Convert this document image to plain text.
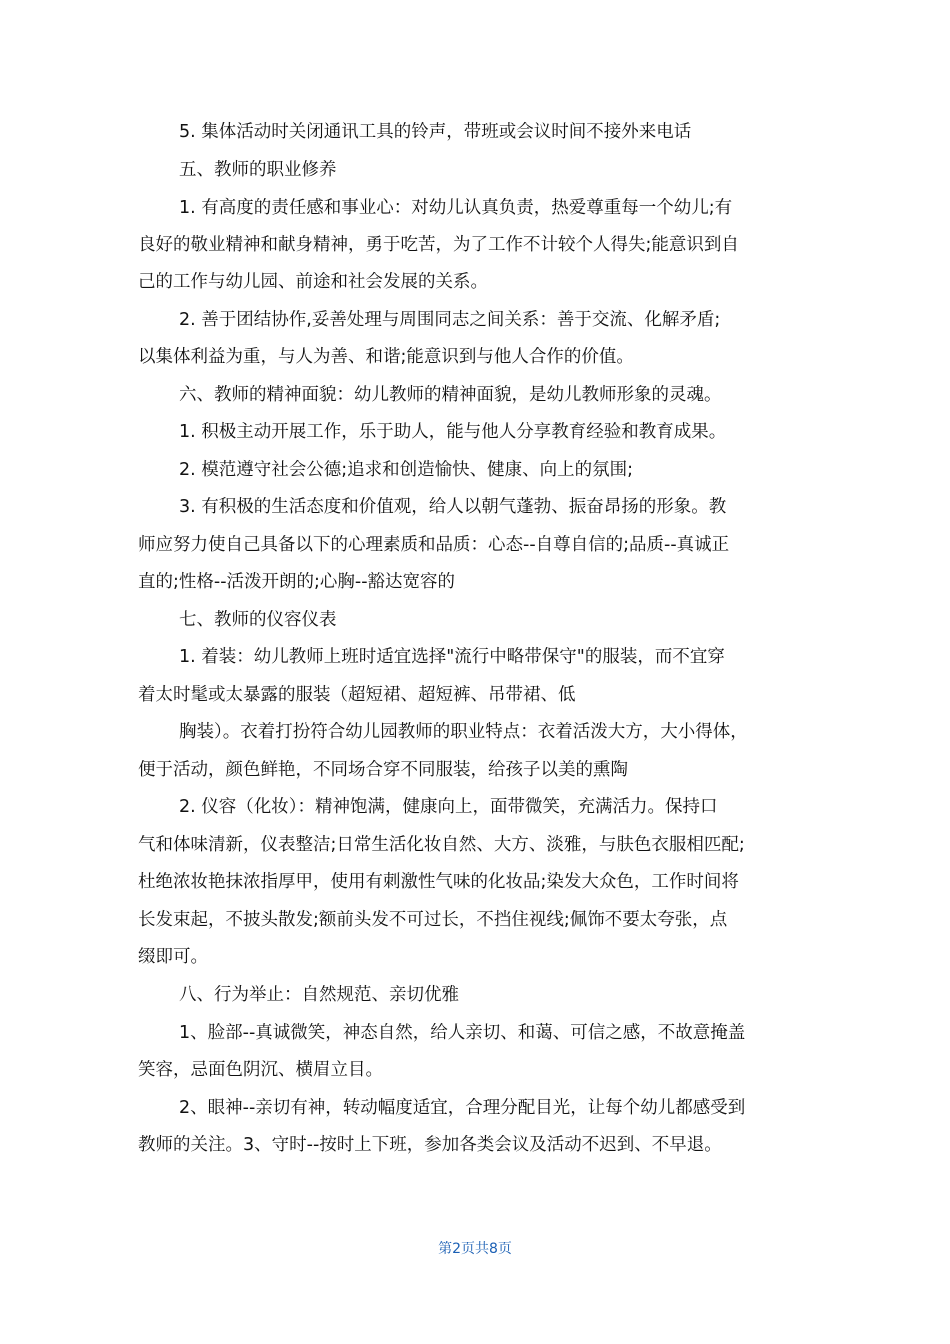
5. 集体活动时关闭通讯工具的铃声，带班或会议时间不接外来电话
五、教师的职业修养
1. 有高度的责任感和事业心：对幼儿认真负责，热爱尊重每一个幼儿;有
良好的敬业精神和献身精神，勇于吃苦，为了工作不计较个人得失;能意识到自
己的工作与幼儿园、前途和社会发展的关系。
2. 善于团结协作,妥善处理与周围同志之间关系：善于交流、化解矛盾;
以集体利益为重，与人为善、和谐;能意识到与他人合作的价值。
六、教师的精神面貌：幼儿教师的精神面貌，是幼儿教师形象的灵魂。
1. 积极主动开展工作，乐于助人，能与他人分享教育经验和教育成果。
2. 模范遵守社会公德;追求和创造愉快、健康、向上的氛围;
3. 有积极的生活态度和价值观，给人以朝气蓬勃、振奋昂扬的形象。教
师应努力使自己具备以下的心理素质和品质：心态--自尊自信的;品质--真诚正
直的;性格--活泼开朗的;心胸--豁达宽容的
七、教师的仪容仪表
1. 着装：幼儿教师上班时适宜选择"流行中略带保守"的服装，而不宜穿
着太时髦或太暴露的服装（超短裙、超短裤、吊带裙、低
胸装）。衣着打扮符合幼儿园教师的职业特点：衣着活泼大方，大小得体，
便于活动，颜色鲜艳，不同场合穿不同服装，给孩子以美的熏陶
2. 仪容（化妆）：精神饱满，健康向上，面带微笑，充满活力。保持口
气和体味清新，仪表整洁;日常生活化妆自然、大方、淡雅，与肤色衣服相匹配;
杜绝浓妆艳抹浓指厚甲，使用有刺激性气味的化妆品;染发大众色，工作时间将
长发束起，不披头散发;额前头发不可过长，不挡住视线;佩饰不要太夸张，点
缀即可。
八、行为举止：自然规范、亲切优雅
1、脸部--真诚微笑，神态自然，给人亲切、和蔼、可信之感，不故意掩盖
笑容，忌面色阴沉、横眉立目。
2、眼神--亲切有神，转动幅度适宜，合理分配目光，让每个幼儿都感受到
教师的关注。3、守时--按时上下班，参加各类会议及活动不迟到、不早退。
第2页共8页
